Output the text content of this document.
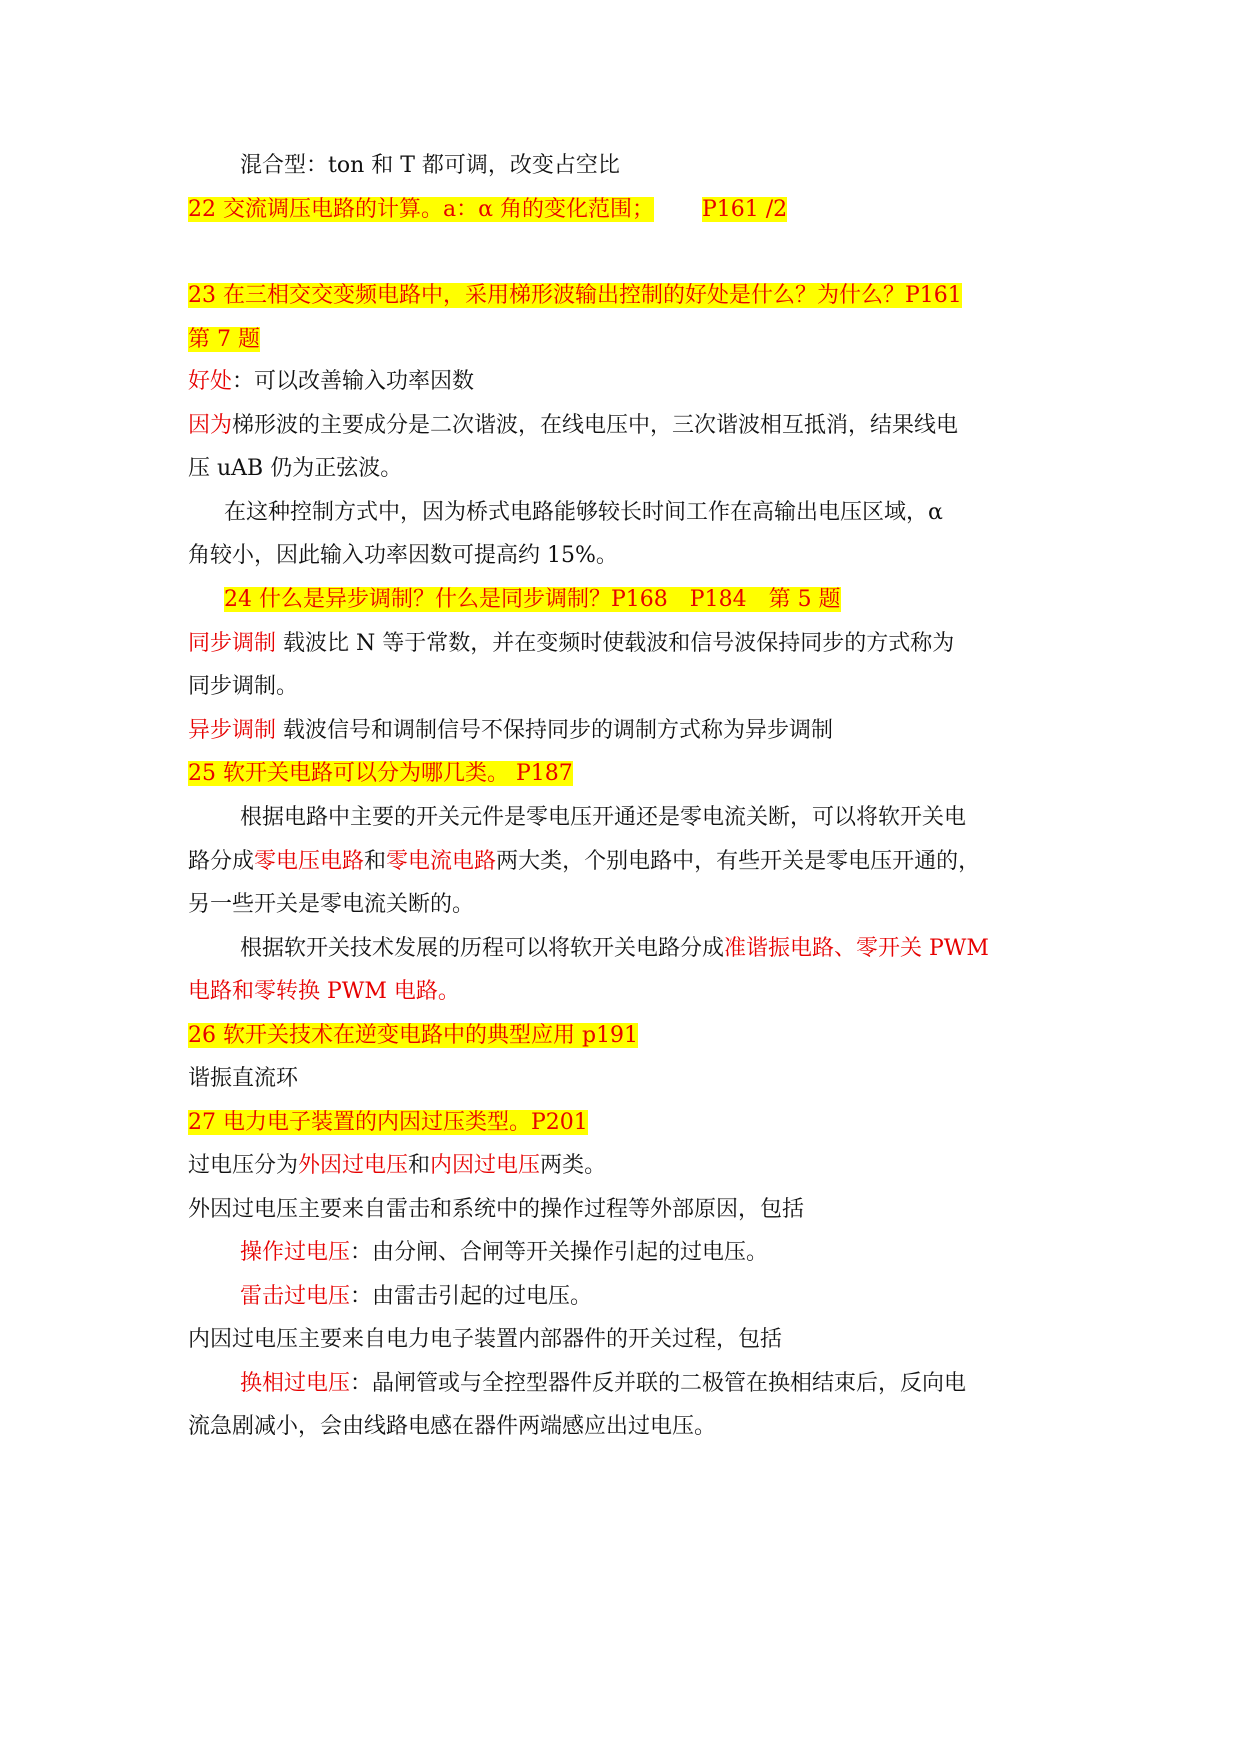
混合型：ton 和 T 都可调，改变占空比

22 交流调压电路的计算。a：α 角的变化范围； P161 /2

23 在三相交交变频电路中，采用梯形波输出控制的好处是什么？为什么？P161

第 7 题

好处：可以改善输入功率因数

因为梯形波的主要成分是二次谐波，在线电压中，三次谐波相互抵消，结果线电

压 uAB 仍为正弦波。

在这种控制方式中，因为桥式电路能够较长时间工作在高输出电压区域，α

角较小，因此输入功率因数可提高约 15%。

24 什么是异步调制？什么是同步调制？P168　P184　第 5 题

同步调制 载波比 N 等于常数，并在变频时使载波和信号波保持同步的方式称为

同步调制。

异步调制 载波信号和调制信号不保持同步的调制方式称为异步调制

25 软开关电路可以分为哪几类。 P187

根据电路中主要的开关元件是零电压开通还是零电流关断，可以将软开关电

路分成零电压电路和零电流电路两大类，个别电路中，有些开关是零电压开通的，

另一些开关是零电流关断的。

根据软开关技术发展的历程可以将软开关电路分成准谐振电路、零开关 PWM

电路和零转换 PWM 电路。

26 软开关技术在逆变电路中的典型应用 p191

谐振直流环

27 电力电子装置的内因过压类型。P201

过电压分为外因过电压和内因过电压两类。

外因过电压主要来自雷击和系统中的操作过程等外部原因，包括

操作过电压：由分闸、合闸等开关操作引起的过电压。

雷击过电压：由雷击引起的过电压。

内因过电压主要来自电力电子装置内部器件的开关过程，包括

换相过电压：晶闸管或与全控型器件反并联的二极管在换相结束后，反向电

流急剧减小，会由线路电感在器件两端感应出过电压。
